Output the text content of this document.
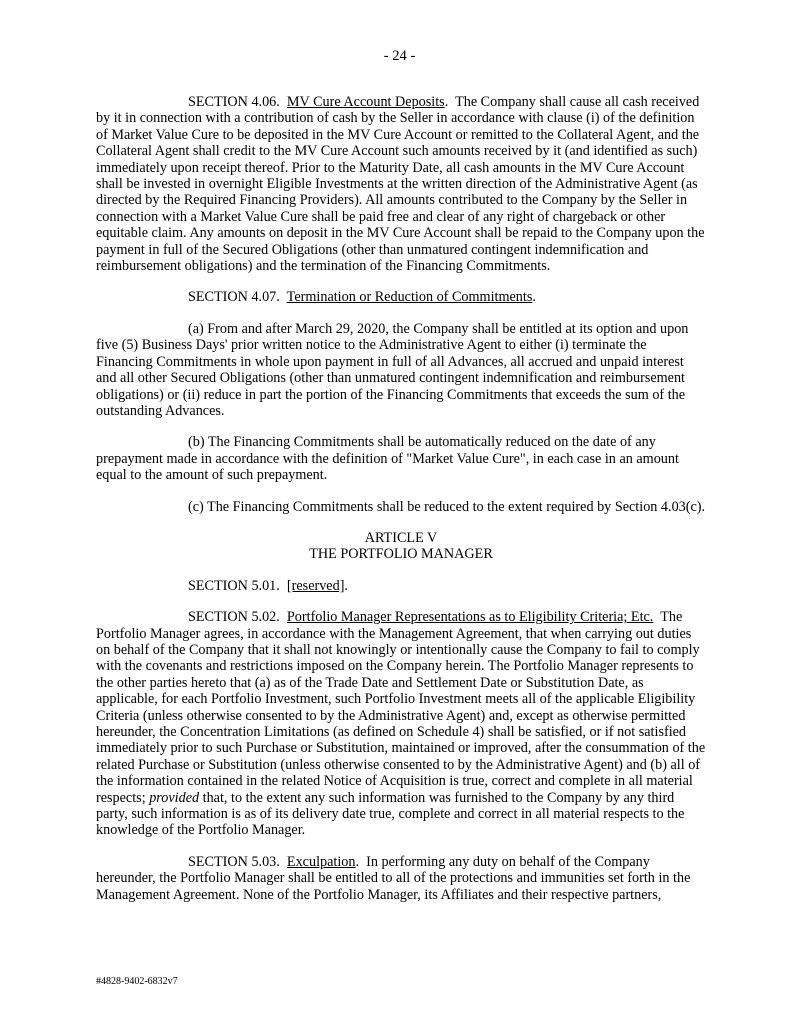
- 24 -

SECTION 4.06. MV Cure Account Deposits.  The Company shall cause all cash received by it in connection with a contribution of cash by the Seller in accordance with clause (i) of the definition of Market Value Cure to be deposited in the MV Cure Account or remitted to the Collateral Agent, and the Collateral Agent shall credit to the MV Cure Account such amounts received by it (and identified as such) immediately upon receipt thereof. Prior to the Maturity Date, all cash amounts in the MV Cure Account shall be invested in overnight Eligible Investments at the written direction of the Administrative Agent (as directed by the Required Financing Providers). All amounts contributed to the Company by the Seller in connection with a Market Value Cure shall be paid free and clear of any right of chargeback or other equitable claim. Any amounts on deposit in the MV Cure Account shall be repaid to the Company upon the payment in full of the Secured Obligations (other than unmatured contingent indemnification and reimbursement obligations) and the termination of the Financing Commitments.

SECTION 4.07. Termination or Reduction of Commitments.

(a) From and after March 29, 2020, the Company shall be entitled at its option and upon five (5) Business Days' prior written notice to the Administrative Agent to either (i) terminate the Financing Commitments in whole upon payment in full of all Advances, all accrued and unpaid interest and all other Secured Obligations (other than unmatured contingent indemnification and reimbursement obligations) or (ii) reduce in part the portion of the Financing Commitments that exceeds the sum of the outstanding Advances.

(b) The Financing Commitments shall be automatically reduced on the date of any prepayment made in accordance with the definition of "Market Value Cure", in each case in an amount equal to the amount of such prepayment.

(c) The Financing Commitments shall be reduced to the extent required by Section 4.03(c).

ARTICLE V

THE PORTFOLIO MANAGER

SECTION 5.01. [reserved].

SECTION 5.02. Portfolio Manager Representations as to Eligibility Criteria; Etc. The Portfolio Manager agrees, in accordance with the Management Agreement, that when carrying out duties on behalf of the Company that it shall not knowingly or intentionally cause the Company to fail to comply with the covenants and restrictions imposed on the Company herein. The Portfolio Manager represents to the other parties hereto that (a) as of the Trade Date and Settlement Date or Substitution Date, as applicable, for each Portfolio Investment, such Portfolio Investment meets all of the applicable Eligibility Criteria (unless otherwise consented to by the Administrative Agent) and, except as otherwise permitted hereunder, the Concentration Limitations (as defined on Schedule 4) shall be satisfied, or if not satisfied immediately prior to such Purchase or Substitution, maintained or improved, after the consummation of the related Purchase or Substitution (unless otherwise consented to by the Administrative Agent) and (b) all of the information contained in the related Notice of Acquisition is true, correct and complete in all material respects; provided that, to the extent any such information was furnished to the Company by any third party, such information is as of its delivery date true, complete and correct in all material respects to the knowledge of the Portfolio Manager.

SECTION 5.03. Exculpation.  In performing any duty on behalf of the Company hereunder, the Portfolio Manager shall be entitled to all of the protections and immunities set forth in the Management Agreement. None of the Portfolio Manager, its Affiliates and their respective partners,

#4828-9402-6832v7
